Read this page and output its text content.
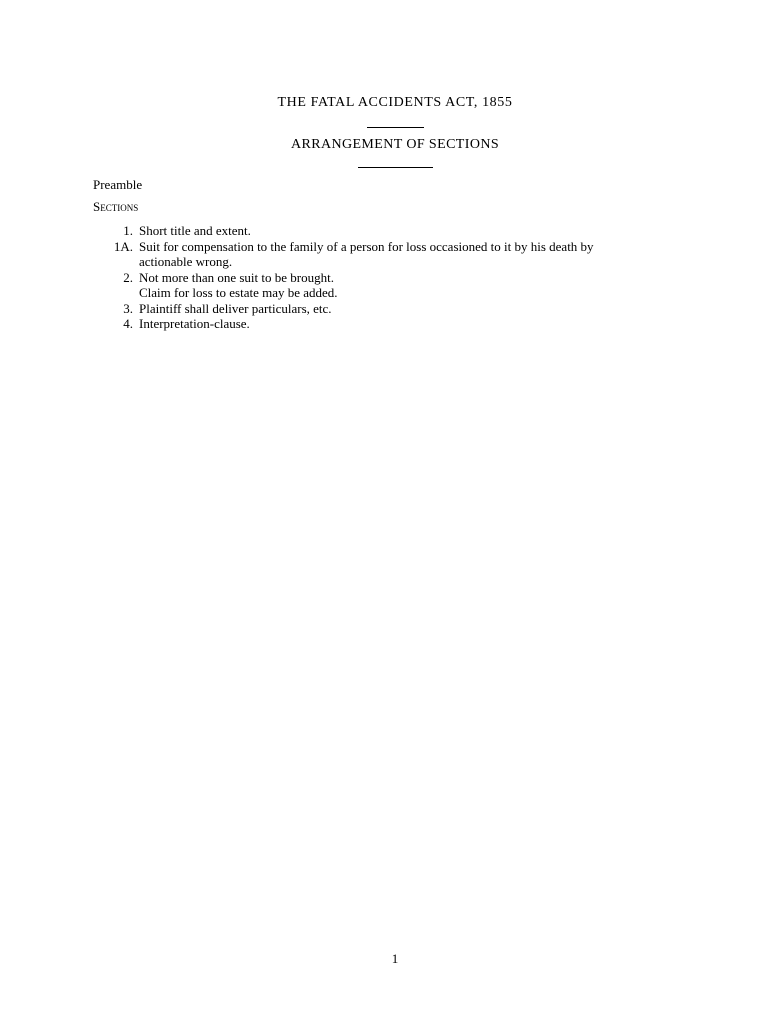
THE FATAL ACCIDENTS ACT, 1855
ARRANGEMENT OF SECTIONS
Preamble
Sections
1. Short title and extent.
1A. Suit for compensation to the family of a person for loss occasioned to it by his death by
actionable wrong.
2. Not more than one suit to be brought.
Claim for loss to estate may be added.
3. Plaintiff shall deliver particulars, etc.
4. Interpretation-clause.
1
